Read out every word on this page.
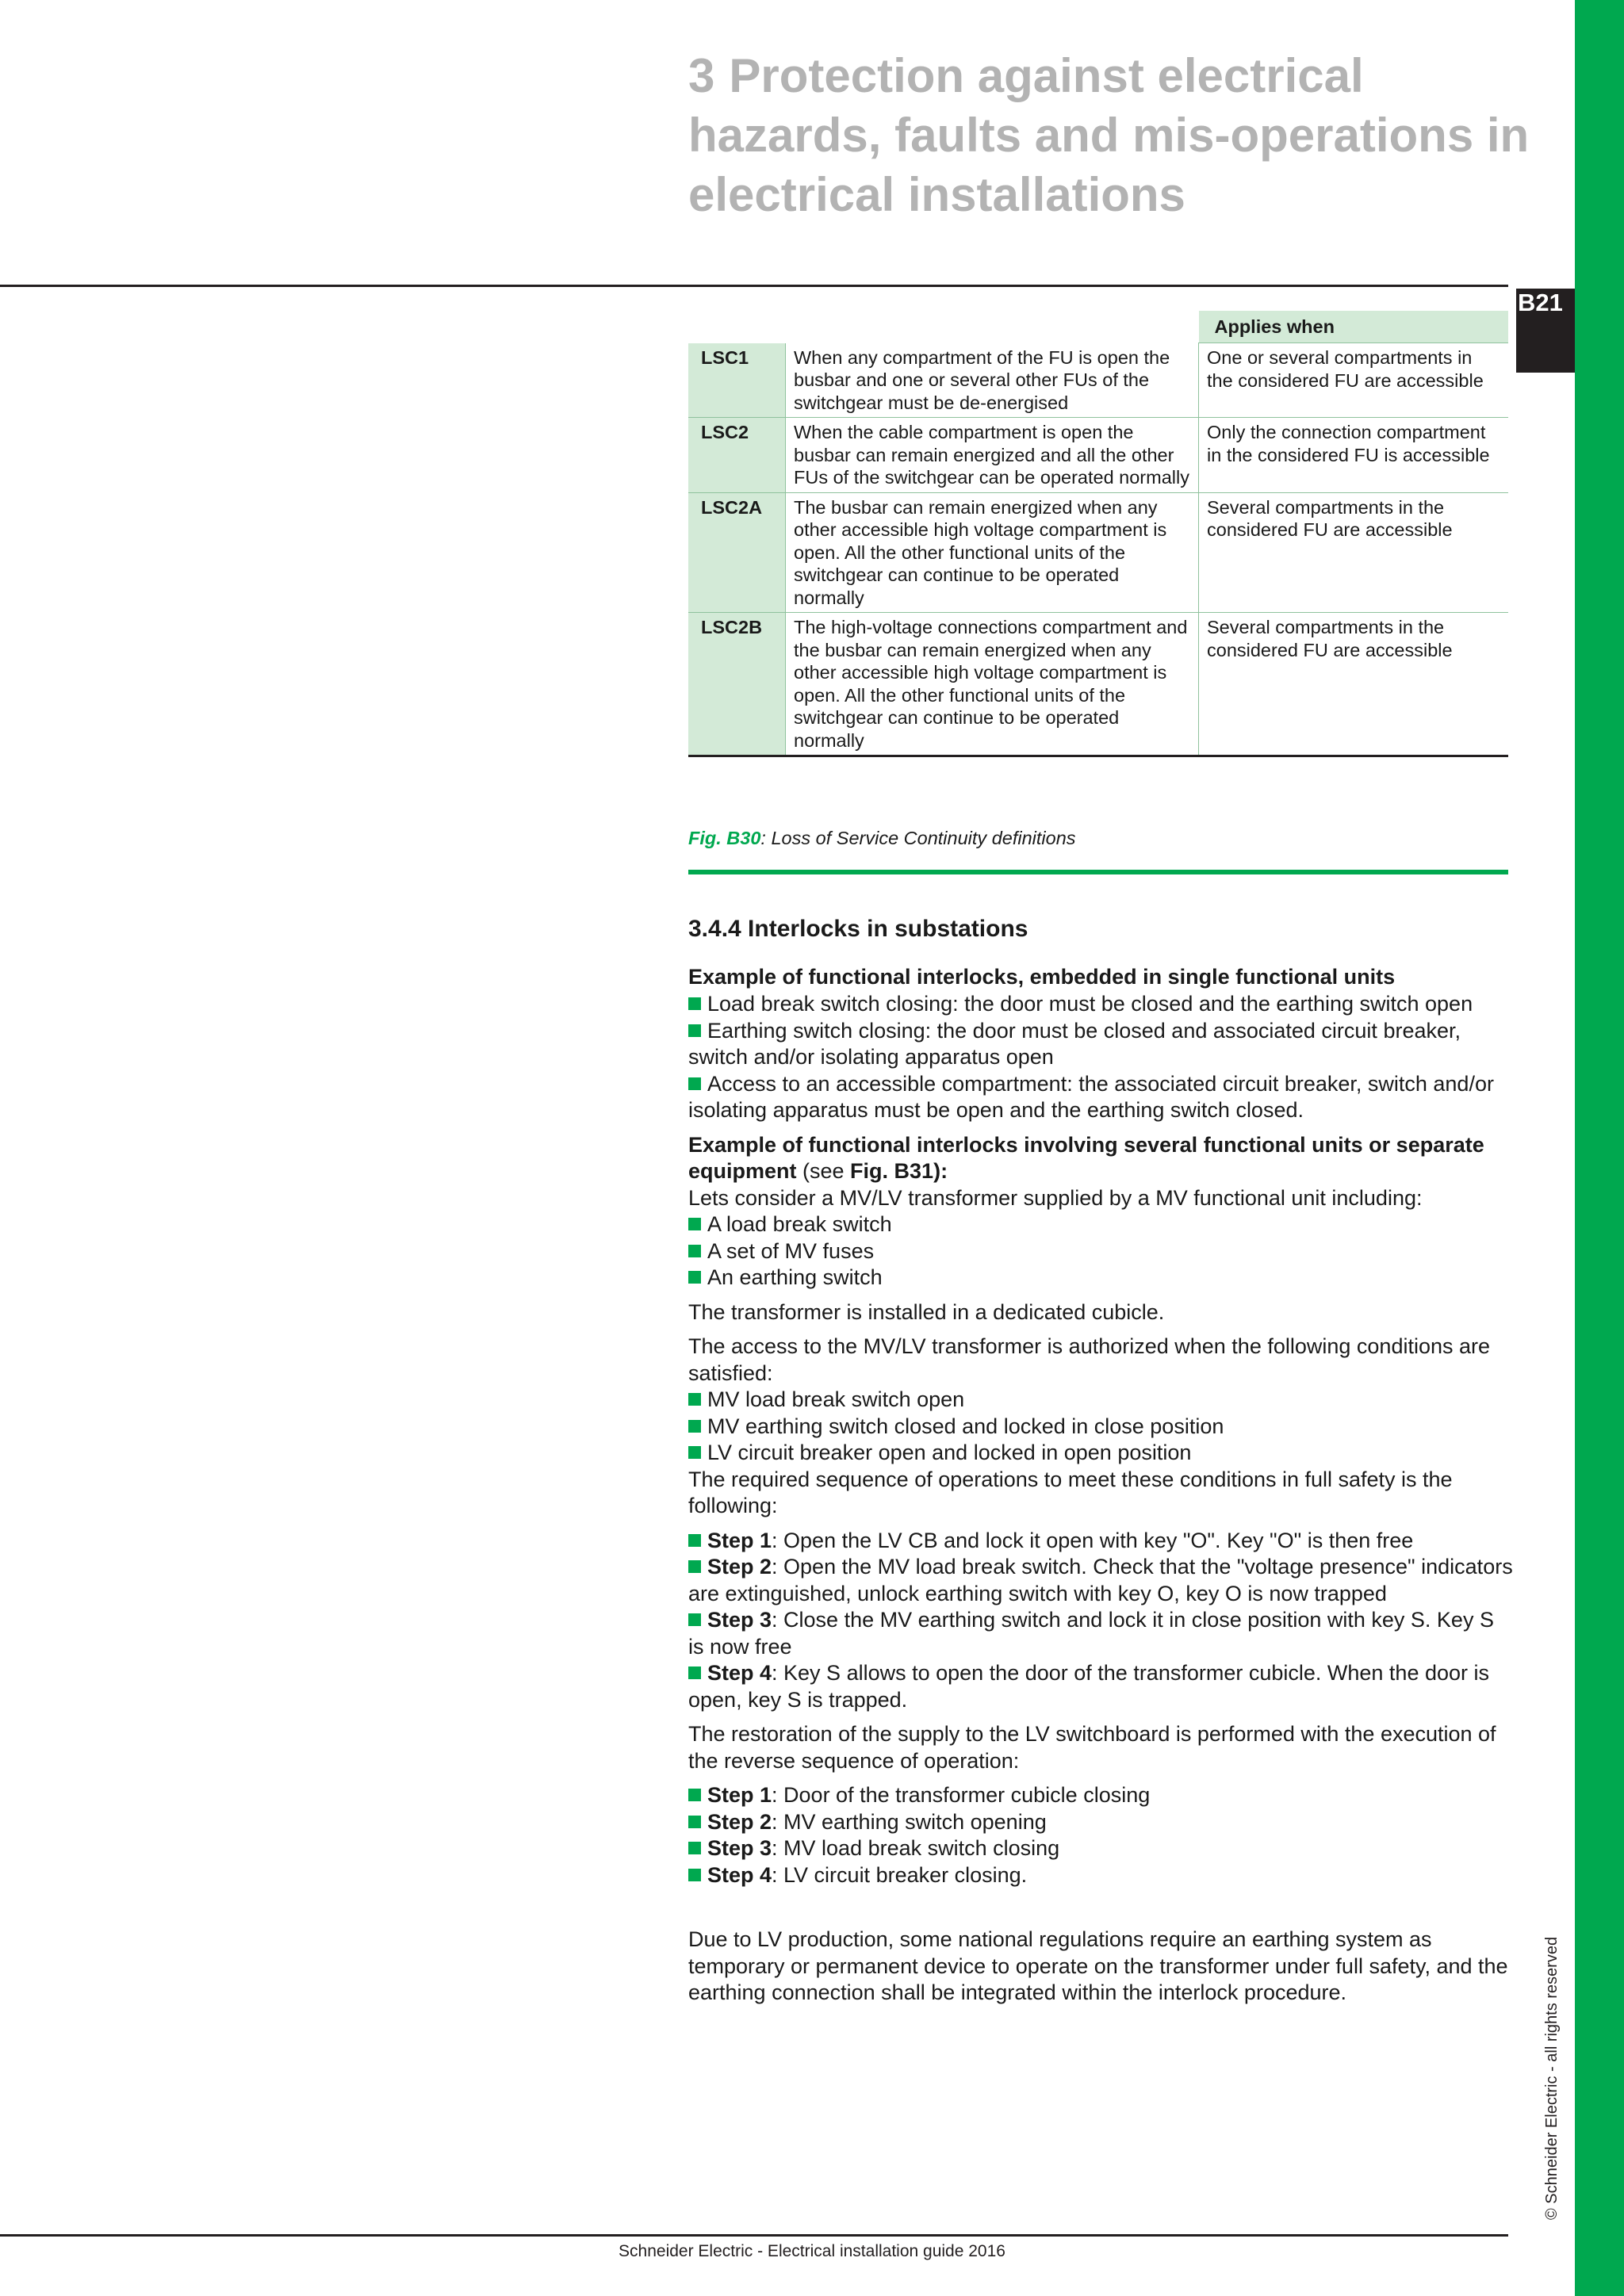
B21
© Schneider Electric - all rights reserved
3 Protection against electrical hazards, faults and mis-operations in electrical installations
		Applies when
LSC1	When any compartment of the FU is open the busbar and one or several other FUs of the switchgear must be de-energised	One or several compartments in the considered FU are accessible
LSC2	When the cable compartment is open the busbar can remain energized and all the other FUs of the switchgear can be operated normally	Only the connection compartment in the considered FU is accessible
LSC2A	The busbar can remain energized when any other accessible high voltage compartment is open. All the other functional units of the switchgear can continue to be operated normally	Several compartments in the considered FU are accessible
LSC2B	The high-voltage connections compartment and the busbar can remain energized when any other accessible high voltage compartment is open. All the other functional units of the switchgear can continue to be operated normally	Several compartments in the considered FU are accessible
Fig. B30: Loss of Service Continuity definitions
3.4.4 Interlocks in substations
Example of functional interlocks, embedded in single functional units

Load break switch closing: the door must be closed and the earthing switch open

Earthing switch closing: the door must be closed and associated circuit breaker, switch and/or isolating apparatus open

Access to an accessible compartment: the associated circuit breaker, switch and/or isolating apparatus must be open and the earthing switch closed.

Example of functional interlocks involving several functional units or separate equipment (see Fig. B31):

Lets consider a MV/LV transformer supplied by a MV functional unit including:

A load break switch

A set of MV fuses

An earthing switch

The transformer is installed in a dedicated cubicle.

The access to the MV/LV transformer is authorized when the following conditions are satisfied:

MV load break switch open

MV earthing switch closed and locked in close position

LV circuit breaker open and locked in open position

The required sequence of operations to meet these conditions in full safety is the following:

Step 1: Open the LV CB and lock it open with key "O". Key "O" is then free

Step 2: Open the MV load break switch. Check that the "voltage presence" indicators are extinguished, unlock earthing switch with key O, key O is now trapped

Step 3: Close the MV earthing switch and lock it in close position with key S. Key S is now free

Step 4: Key S allows to open the door of the transformer cubicle. When the door is open, key S is trapped.

The restoration of the supply to the LV switchboard is performed with the execution of the reverse sequence of operation:

Step 1: Door of the transformer cubicle closing

Step 2: MV earthing switch opening

Step 3: MV load break switch closing

Step 4: LV circuit breaker closing.

Due to LV production, some national regulations require an earthing system as temporary or permanent device to operate on the transformer under full safety, and the earthing connection shall be integrated within the interlock procedure.

Schneider Electric - Electrical installation guide 2016
